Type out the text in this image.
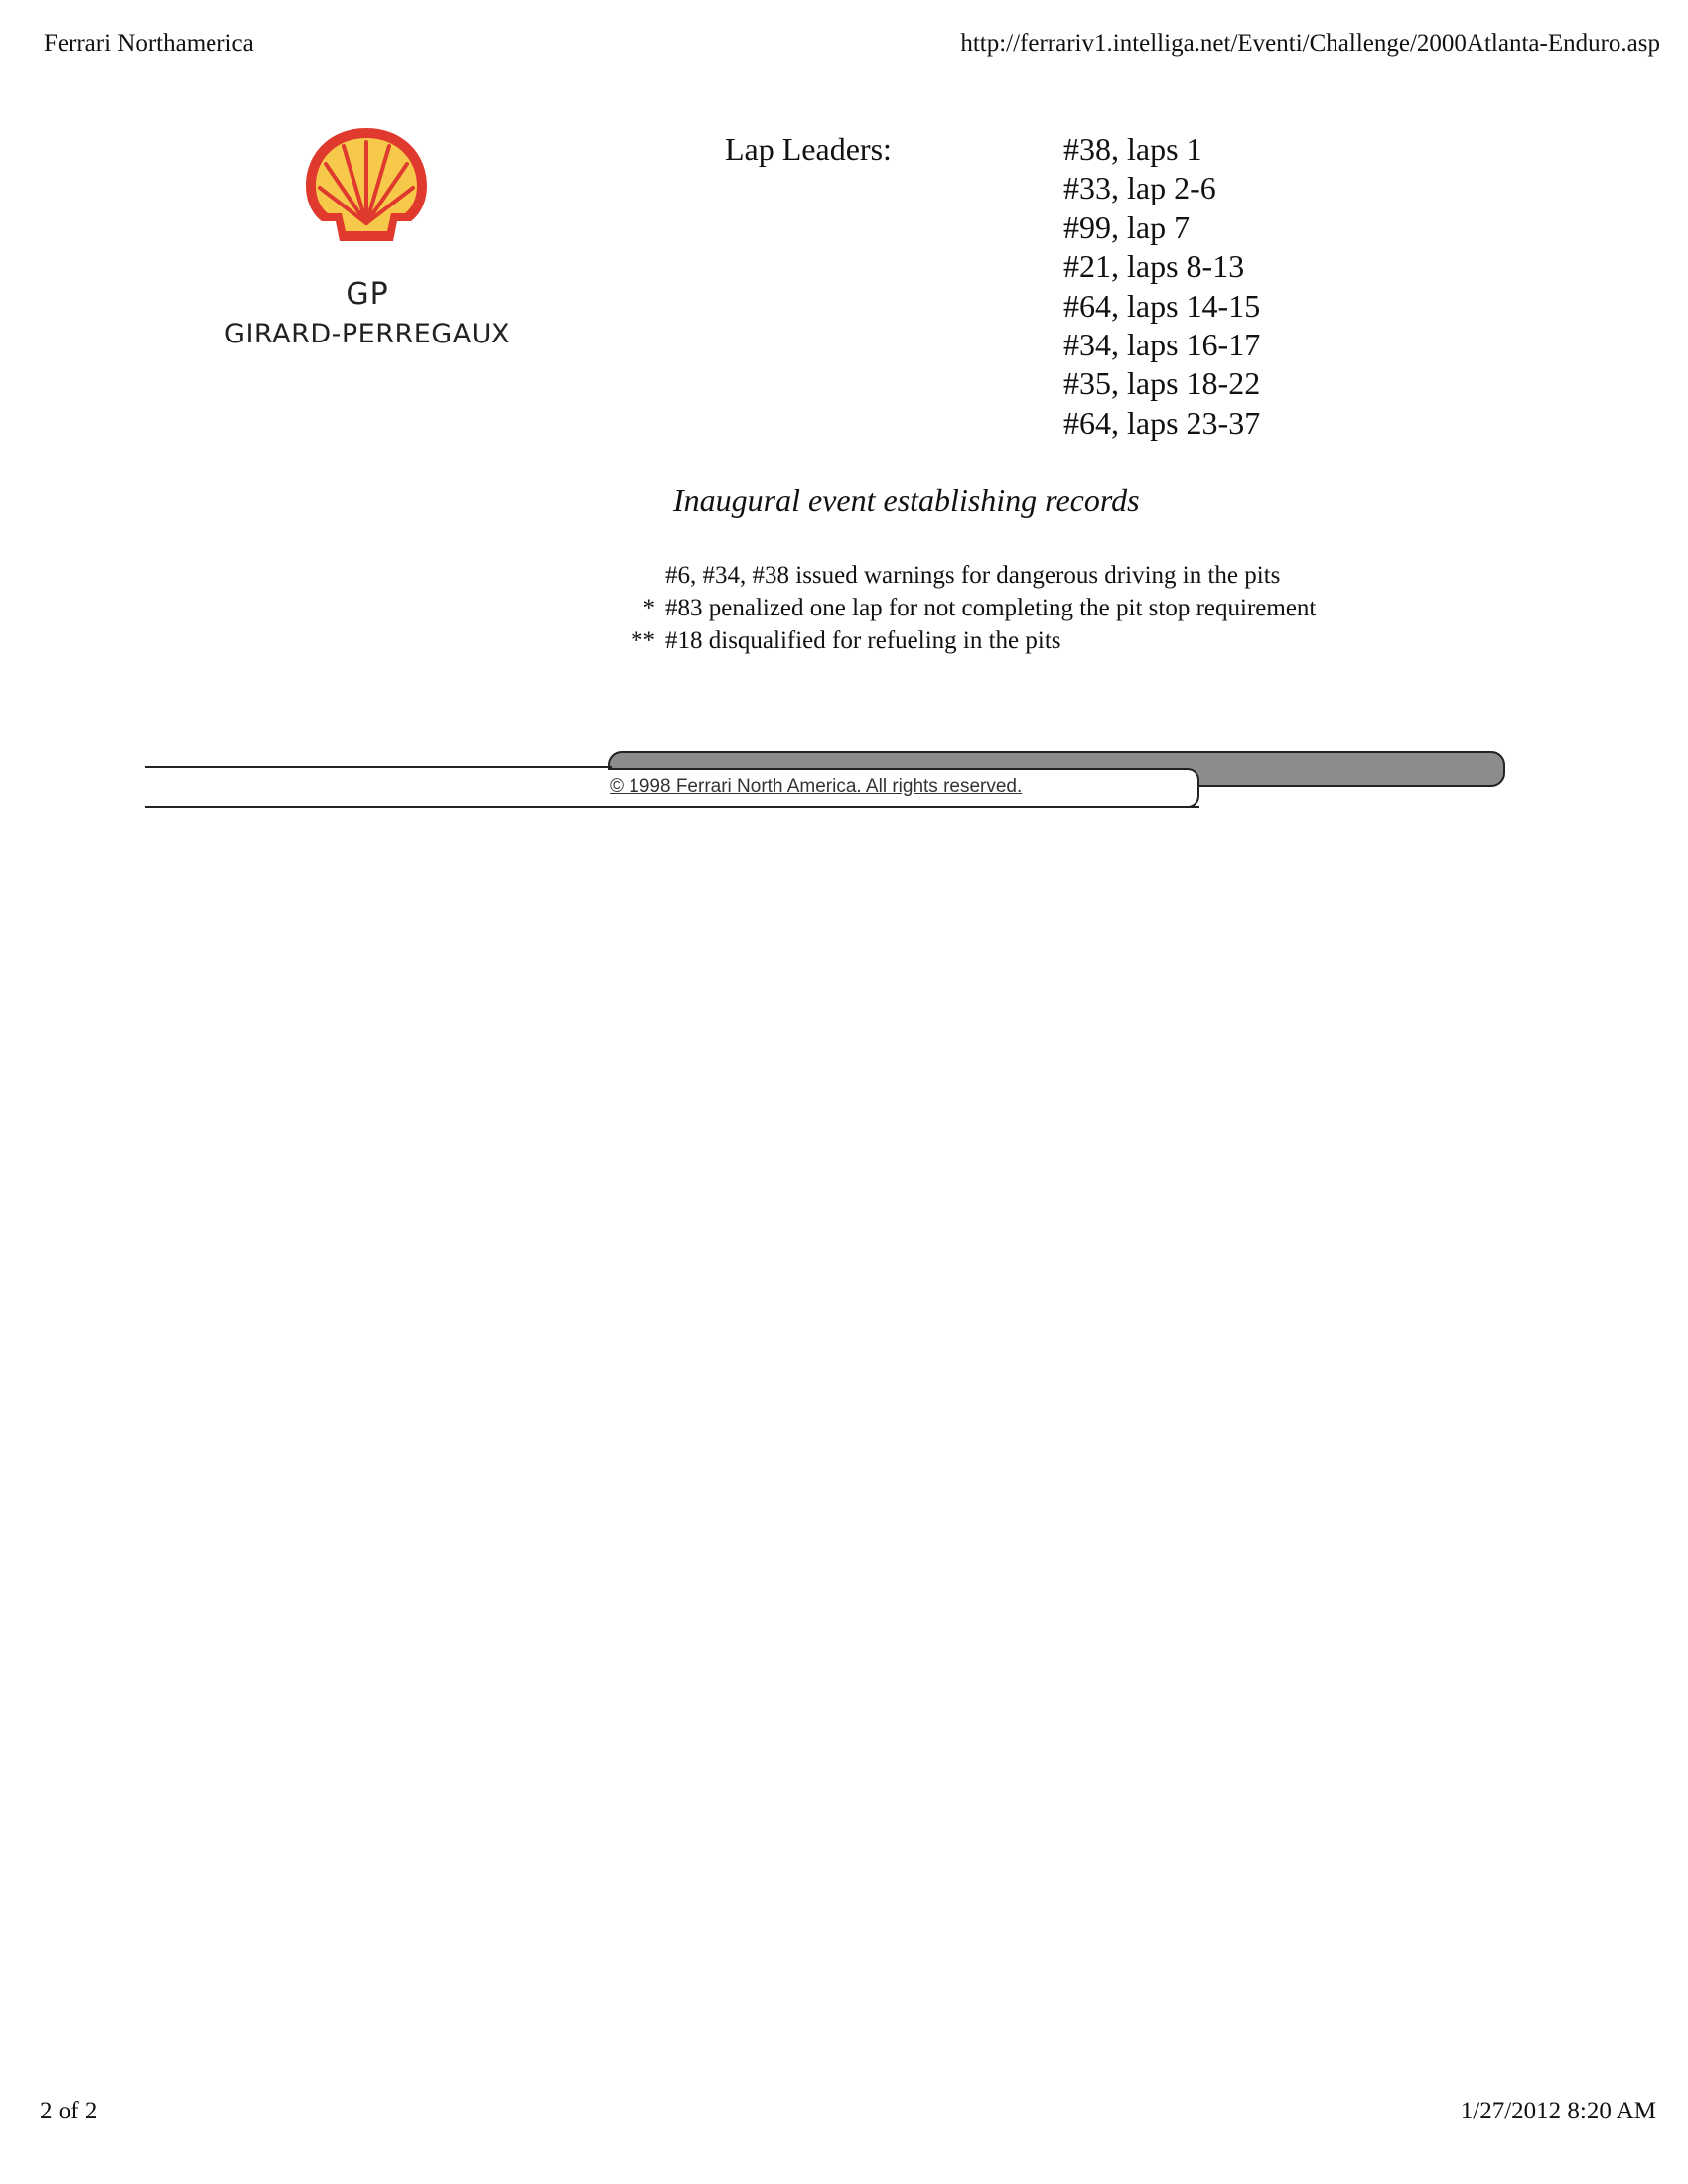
Ferrari Northamerica	http://ferrariv1.intelliga.net/Eventi/Challenge/2000Atlanta-Enduro.asp
GP
GIRARD-PERREGAUX
Lap Leaders:	#38, laps 1
#33, lap 2-6
#99, lap 7
#21, laps 8-13
#64, laps 14-15
#34, laps 16-17
#35, laps 18-22
#64, laps 23-37
Inaugural event establishing records
#6, #34, #38 issued warnings for dangerous driving in the pits
* #83 penalized one lap for not completing the pit stop requirement
** #18 disqualified for refueling in the pits
© 1998 Ferrari North America. All rights reserved.
2 of 2	1/27/2012 8:20 AM
